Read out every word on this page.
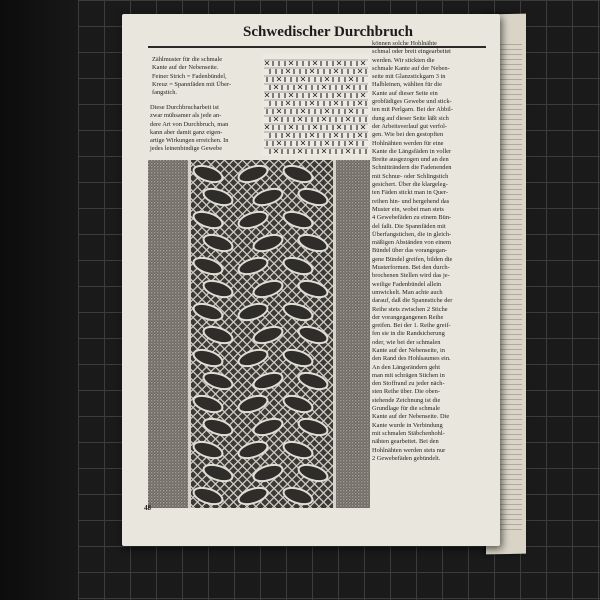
Schwedischer Durchbruch

Zählmuster für die schmale
Kante auf der Nebenseite.
Feiner Strich = Fadenbündel,
Kreuz = Spannfäden mit Über-
fangstich.

Diese Durchbrucharbeit ist
zwar mühsamer als jede an-
dere Art von Durchbruch, man
kann aber damit ganz eigen-
artige Wirkungen erreichen. In
jedes leinenbindige Gewebe

können solche Hohlnähte
schmal oder breit eingearbeitet
werden. Wir stickten die
schmale Kante auf der Neben-
seite mit Glanzstickgarn 3 in
Halbleinen, wählten für die
Kante auf dieser Seite ein
grobfädiges Gewebe und stick-
ten mit Perlgarn. Bei der Abbil-
dung auf dieser Seite läßt sich
der Arbeitsverlauf gut verfol-
gen. Wie bei den gestopften
Hohlnähten werden für eine
Kante die Längsfäden in voller
Breite ausgezogen und an den
Schnitträndern die Fadenenden
mit Schnur- oder Schlingstich
gesichert. Über die klargeleg-
ten Fäden stickt man in Quer-
reihen hin- und hergehend das
Muster ein, wobei man stets
4 Gewebefäden zu einem Bün-
del faßt. Die Spannfäden mit
Überfangstichen, die in gleich-
mäßigen Abständen von einem
Bündel über das vorangegan-
gene Bündel greifen, bilden die
Musterformen. Bei den durch-
brochenen Stellen wird das je-
weilige Fadenbündel allein
umwickelt. Man achte auch
darauf, daß die Spannstiche der
Reihe stets zwischen 2 Stiche
der vorangegangenen Reihe
greifen. Bei der 1. Reihe greif-
fen sie in die Randsicherung
oder, wie bei der schmalen
Kante auf der Nebenseite, in
den Rand des Hohlsaumes ein.
An den Längsrändern geht
man mit schrägen Stichen in
den Stoffrand zu jeder näch-
sten Reihe über. Die oben-
stehende Zeichnung ist die
Grundlage für die schmale
Kante auf der Nebenseite. Die
Kante wurde in Verbindung
mit schmalen Stäbchenhohl-
nähten gearbeitet. Bei den
Hohlnähten werden stets nur
2 Gewebefäden gebündelt.

48
